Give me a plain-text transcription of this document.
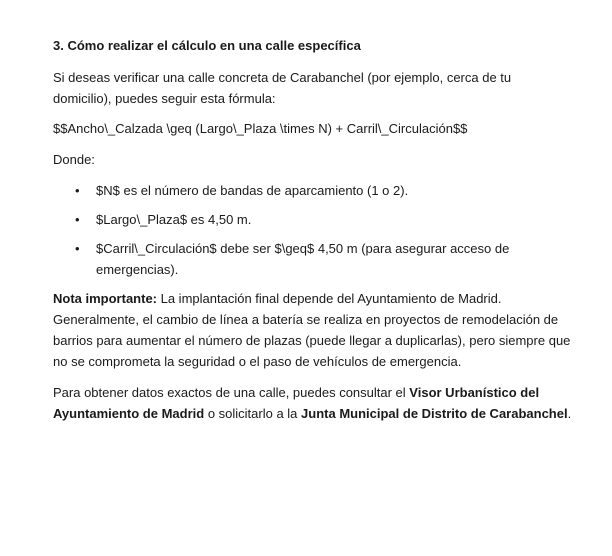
3. Cómo realizar el cálculo en una calle específica

Si deseas verificar una calle concreta de Carabanchel (por ejemplo, cerca de tu domicilio), puedes seguir esta fórmula:

$$Ancho\_Calzada \geq (Largo\_Plaza \times N) + Carril\_Circulación$$

Donde:

• $N$ es el número de bandas de aparcamiento (1 o 2).
• $Largo\_Plaza$ es 4,50 m.
• $Carril\_Circulación$ debe ser $\geq$ 4,50 m (para asegurar acceso de emergencias).

Nota importante: La implantación final depende del Ayuntamiento de Madrid. Generalmente, el cambio de línea a batería se realiza en proyectos de remodelación de barrios para aumentar el número de plazas (puede llegar a duplicarlas), pero siempre que no se comprometa la seguridad o el paso de vehículos de emergencia.

Para obtener datos exactos de una calle, puedes consultar el Visor Urbanístico del Ayuntamiento de Madrid o solicitarlo a la Junta Municipal de Distrito de Carabanchel.
